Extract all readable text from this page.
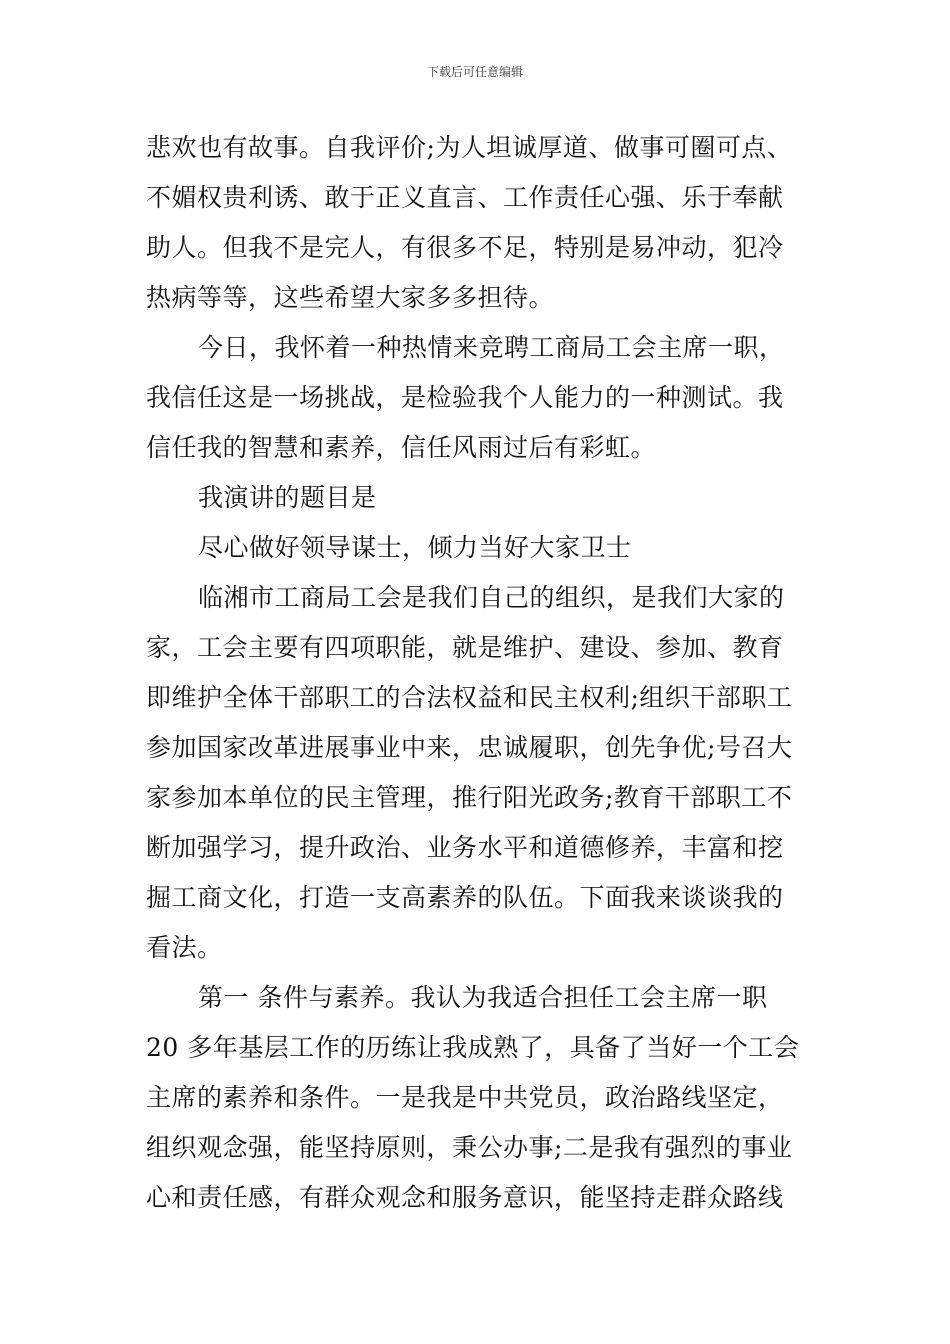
下载后可任意编辑
悲欢也有故事。自我评价;为人坦诚厚道、做事可圈可点、
不媚权贵利诱、敢于正义直言、工作责任心强、乐于奉献
助人。但我不是完人，有很多不足，特别是易冲动，犯冷
热病等等，这些希望大家多多担待。
今日，我怀着一种热情来竞聘工商局工会主席一职，
我信任这是一场挑战，是检验我个人能力的一种测试。我
信任我的智慧和素养，信任风雨过后有彩虹。
我演讲的题目是
尽心做好领导谋士，倾力当好大家卫士
临湘市工商局工会是我们自己的组织，是我们大家的
家，工会主要有四项职能，就是维护、建设、参加、教育
即维护全体干部职工的合法权益和民主权利;组织干部职工
参加国家改革进展事业中来，忠诚履职，创先争优;号召大
家参加本单位的民主管理，推行阳光政务;教育干部职工不
断加强学习，提升政治、业务水平和道德修养，丰富和挖
掘工商文化，打造一支高素养的队伍。下面我来谈谈我的
看法。
第一 条件与素养。我认为我适合担任工会主席一职
20 多年基层工作的历练让我成熟了，具备了当好一个工会
主席的素养和条件。一是我是中共党员，政治路线坚定，
组织观念强，能坚持原则，秉公办事;二是我有强烈的事业
心和责任感，有群众观念和服务意识，能坚持走群众路线
